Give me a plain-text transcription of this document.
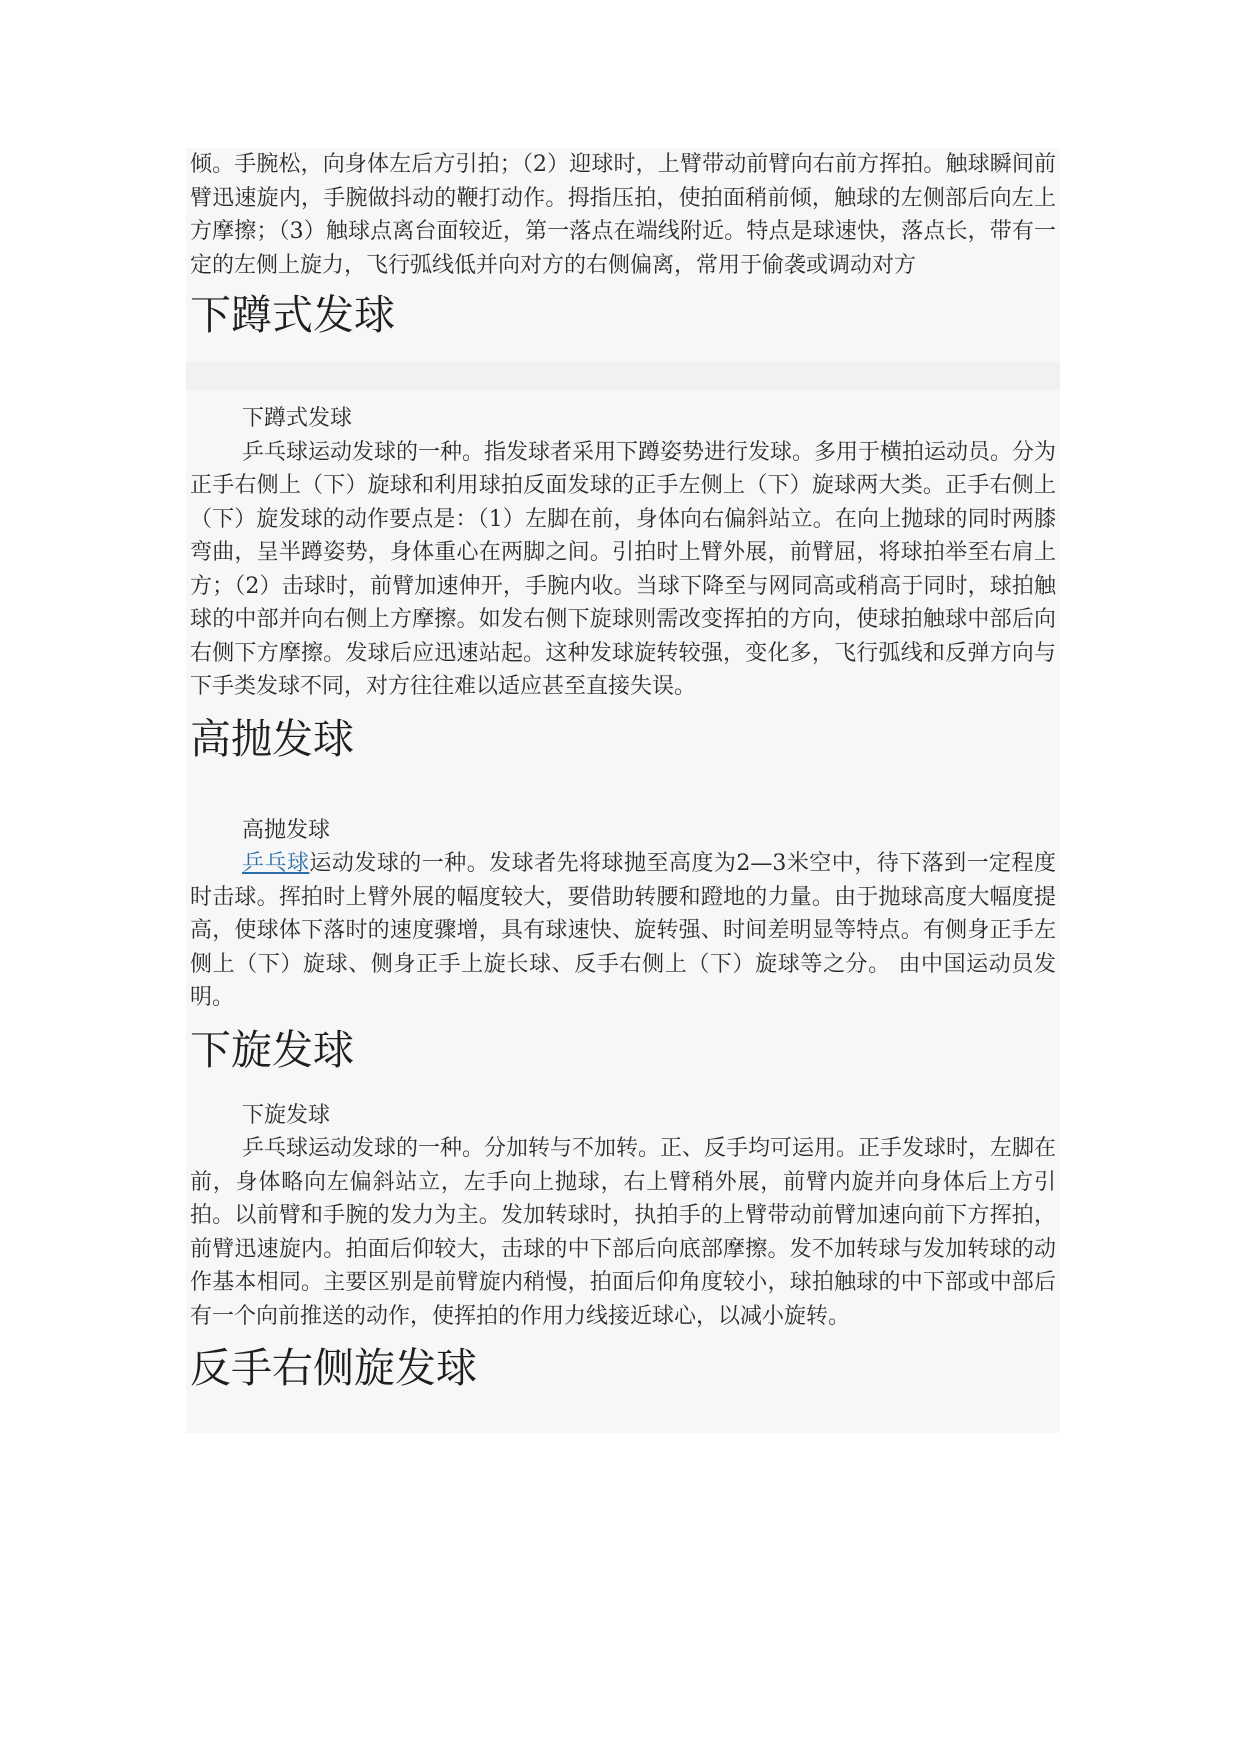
倾。手腕松，向身体左后方引拍；（2）迎球时，上臂带动前臂向右前方挥拍。触球瞬间前臂迅速旋内，手腕做抖动的鞭打动作。拇指压拍，使拍面稍前倾，触球的左侧部后向左上方摩擦；（3）触球点离台面较近，第一落点在端线附近。特点是球速快，落点长，带有一定的左侧上旋力，飞行弧线低并向对方的右侧偏离，常用于偷袭或调动对方

下蹲式发球

下蹲式发球

乒乓球运动发球的一种。指发球者采用下蹲姿势进行发球。多用于横拍运动员。分为正手右侧上（下）旋球和利用球拍反面发球的正手左侧上（下）旋球两大类。正手右侧上（下）旋发球的动作要点是：（1）左脚在前，身体向右偏斜站立。在向上抛球的同时两膝弯曲，呈半蹲姿势，身体重心在两脚之间。引拍时上臂外展，前臂屈，将球拍举至右肩上方；（2）击球时，前臂加速伸开，手腕内收。当球下降至与网同高或稍高于同时，球拍触球的中部并向右侧上方摩擦。如发右侧下旋球则需改变挥拍的方向，使球拍触球中部后向右侧下方摩擦。发球后应迅速站起。这种发球旋转较强，变化多，飞行弧线和反弹方向与下手类发球不同，对方往往难以适应甚至直接失误。

高抛发球

高抛发球

乒乓球运动发球的一种。发球者先将球抛至高度为2—3米空中，待下落到一定程度时击球。挥拍时上臂外展的幅度较大，要借助转腰和蹬地的力量。由于抛球高度大幅度提高，使球体下落时的速度骤增，具有球速快、旋转强、时间差明显等特点。有侧身正手左侧上（下）旋球、侧身正手上旋长球、反手右侧上（下）旋球等之分。 由中国运动员发明。

下旋发球

下旋发球

乒乓球运动发球的一种。分加转与不加转。正、反手均可运用。正手发球时，左脚在前，身体略向左偏斜站立，左手向上抛球，右上臂稍外展，前臂内旋并向身体后上方引拍。以前臂和手腕的发力为主。发加转球时，执拍手的上臂带动前臂加速向前下方挥拍，前臂迅速旋内。拍面后仰较大，击球的中下部后向底部摩擦。发不加转球与发加转球的动作基本相同。主要区别是前臂旋内稍慢，拍面后仰角度较小，球拍触球的中下部或中部后有一个向前推送的动作，使挥拍的作用力线接近球心，以减小旋转。

反手右侧旋发球
